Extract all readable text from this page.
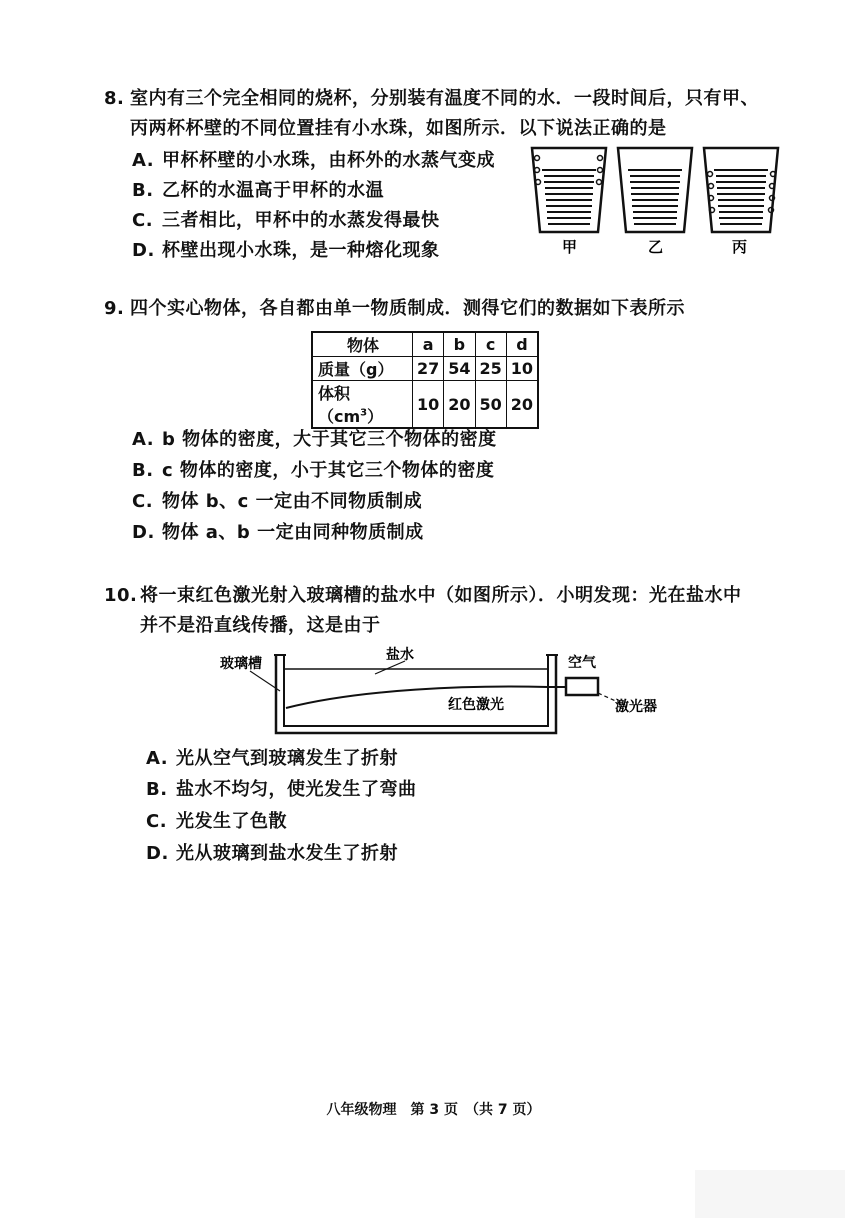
8. 室内有三个完全相同的烧杯，分别装有温度不同的水．一段时间后，只有甲、
丙两杯杯壁的不同位置挂有小水珠，如图所示．以下说法正确的是
A. 甲杯杯壁的小水珠，由杯外的水蒸气变成
B. 乙杯的水温高于甲杯的水温
C. 三者相比，甲杯中的水蒸发得最快
D. 杯壁出现小水珠，是一种熔化现象	甲	乙	丙
9. 四个实心物体，各自都由单一物质制成．测得它们的数据如下表所示
物体	a	b	c	d
质量（g）	27	54	25	10
体积$(cm^3)$	10	20	50	20
A. b 物体的密度，大于其它三个物体的密度
B. c 物体的密度，小于其它三个物体的密度
C. 物体 b、c 一定由不同物质制成
D. 物体 a、b 一定由同种物质制成
10. 将一束红色激光射入玻璃槽的盐水中（如图所示）．小明发现：光在盐水中
并不是沿直线传播，这是由于
玻璃槽
盐水	空气
红色激光	激光器
A. 光从空气到玻璃发生了折射
B. 盐水不均匀，使光发生了弯曲
C. 光发生了色散
D. 光从玻璃到盐水发生了折射
八年级物理　第 3 页　（共 7 页）
